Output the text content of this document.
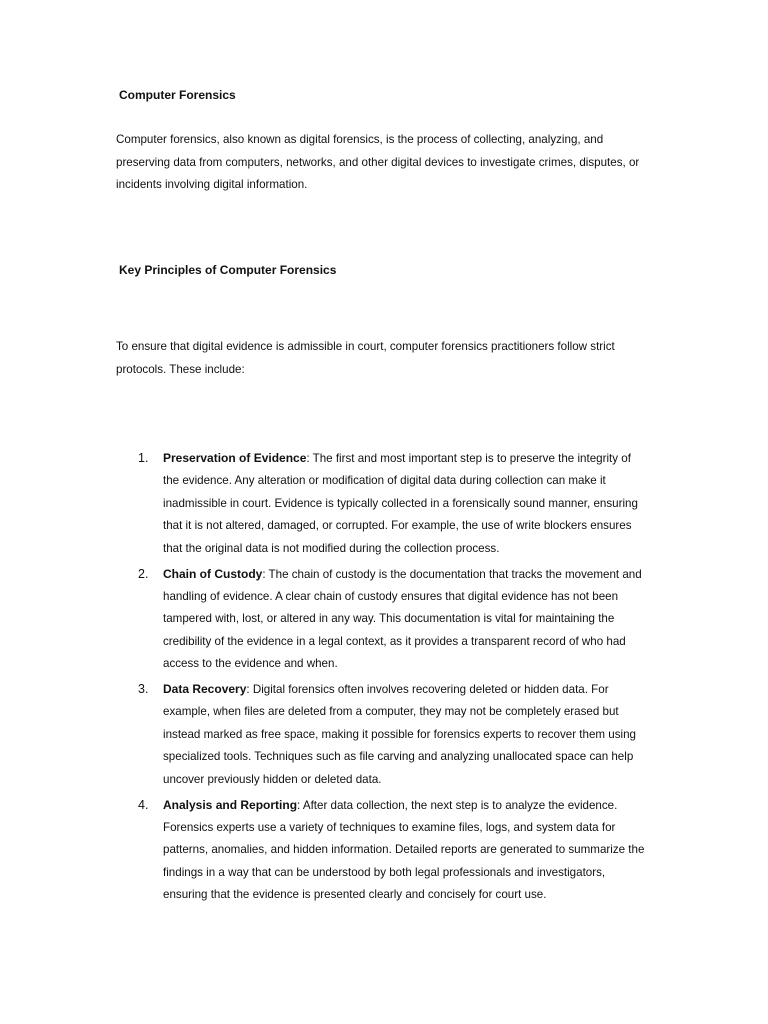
Computer Forensics

Computer forensics, also known as digital forensics, is the process of collecting, analyzing, and preserving data from computers, networks, and other digital devices to investigate crimes, disputes, or incidents involving digital information.

Key Principles of Computer Forensics

To ensure that digital evidence is admissible in court, computer forensics practitioners follow strict protocols. These include:

1. Preservation of Evidence: The first and most important step is to preserve the integrity of the evidence. Any alteration or modification of digital data during collection can make it inadmissible in court. Evidence is typically collected in a forensically sound manner, ensuring that it is not altered, damaged, or corrupted. For example, the use of write blockers ensures that the original data is not modified during the collection process.
2. Chain of Custody: The chain of custody is the documentation that tracks the movement and handling of evidence. A clear chain of custody ensures that digital evidence has not been tampered with, lost, or altered in any way. This documentation is vital for maintaining the credibility of the evidence in a legal context, as it provides a transparent record of who had access to the evidence and when.
3. Data Recovery: Digital forensics often involves recovering deleted or hidden data. For example, when files are deleted from a computer, they may not be completely erased but instead marked as free space, making it possible for forensics experts to recover them using specialized tools. Techniques such as file carving and analyzing unallocated space can help uncover previously hidden or deleted data.
4. Analysis and Reporting: After data collection, the next step is to analyze the evidence. Forensics experts use a variety of techniques to examine files, logs, and system data for patterns, anomalies, and hidden information. Detailed reports are generated to summarize the findings in a way that can be understood by both legal professionals and investigators, ensuring that the evidence is presented clearly and concisely for court use.
